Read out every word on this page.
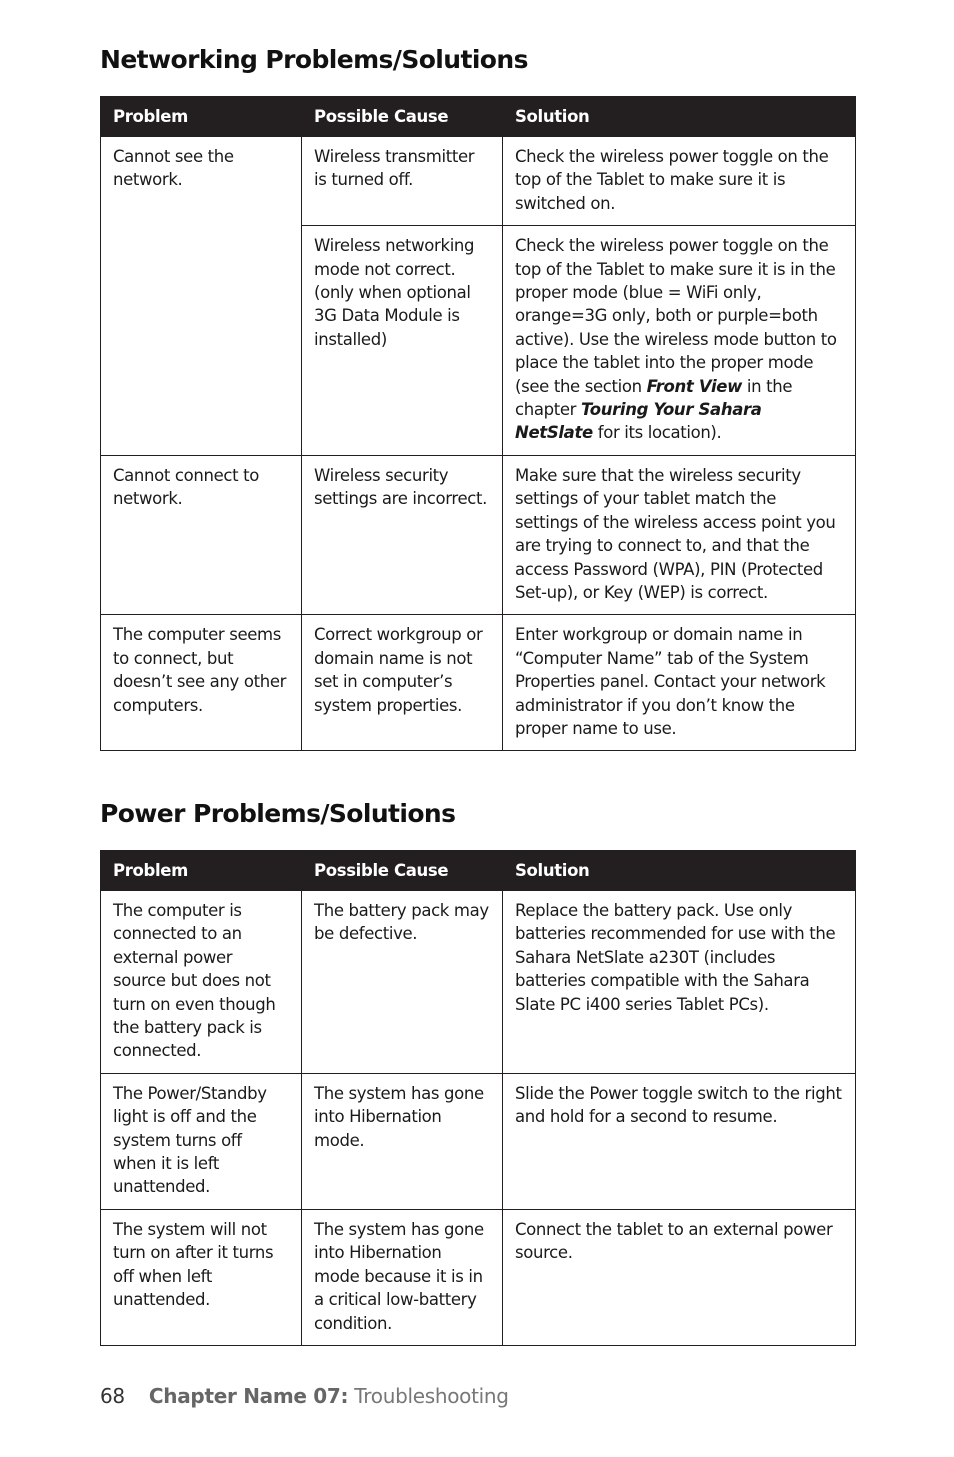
Networking Problems/Solutions
Problem	Possible Cause	Solution
Cannot see the network.	Wireless transmitter is turned off.	Check the wireless power toggle on the top of the Tablet to make sure it is switched on.
	Wireless networking mode not correct. (only when optional 3G Data Module is installed)	Check the wireless power toggle on the top of the Tablet to make sure it is in the proper mode (blue = WiFi only, orange=3G only, both or purple=both active). Use the wireless mode button to place the tablet into the proper mode (see the section Front View in the chapter Touring Your Sahara NetSlate for its location).
Cannot connect to network.	Wireless security settings are incorrect.	Make sure that the wireless security settings of your tablet match the settings of the wireless access point you are trying to connect to, and that the access Password (WPA), PIN (Protected Set-up), or Key (WEP) is correct.
The computer seems to connect, but doesn’t see any other computers.	Correct workgroup or domain name is not set in computer’s system properties.	Enter workgroup or domain name in “Computer Name” tab of the System Properties panel. Contact your network administrator if you don’t know the proper name to use.
Power Problems/Solutions
Problem	Possible Cause	Solution
The computer is connected to an external power source but does not turn on even though the battery pack is connected.	The battery pack may be defective.	Replace the battery pack. Use only batteries recommended for use with the Sahara NetSlate a230T (includes batteries compatible with the Sahara Slate PC i400 series Tablet PCs).
The Power/Standby light is off and the system turns off when it is left unattended.	The system has gone into Hibernation mode.	Slide the Power toggle switch to the right and hold for a second to resume.
The system will not turn on after it turns off when left unattended.	The system has gone into Hibernation mode because it is in a critical low-battery condition.	Connect the tablet to an external power source.
68 Chapter Name 07: Troubleshooting
